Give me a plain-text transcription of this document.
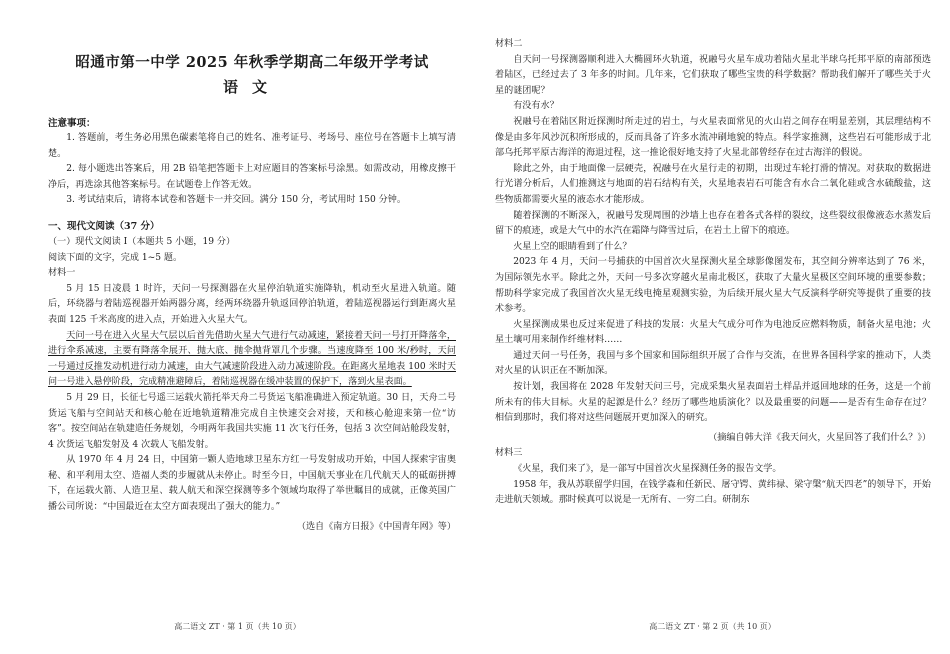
昭通市第一中学 2025 年秋季学期高二年级开学考试
语文
注意事项：

1. 答题前，考生务必用黑色碳素笔将自己的姓名、准考证号、考场号、座位号在答题卡上填写清楚。

2. 每小题选出答案后，用 2B 铅笔把答题卡上对应题目的答案标号涂黑。如需改动，用橡皮擦干净后，再选涂其他答案标号。在试题卷上作答无效。

3. 考试结束后，请将本试卷和答题卡一并交回。满分 150 分，考试用时 150 分钟。

一、现代文阅读（37 分）
（一）现代文阅读 I（本题共 5 小题，19 分）
阅读下面的文字，完成 1~5 题。
材料一

5 月 15 日凌晨 1 时许，天问一号探测器在火星停泊轨道实施降轨，机动至火星进入轨道。随后，环绕器与着陆巡视器开始两器分离，经两环绕器升轨返回停泊轨道，着陆巡视器运行到距离火星表面 125 千米高度的进入点，开始进入火星大气。

天问一号在进入火星大气层以后首先借助火星大气进行气动减速，紧接着天问一号打开降落伞，进行伞系减速，主要有降落伞展开、抛大底、抛伞抛背罩几个步骤。当速度降至 100 米/秒时，天问一号通过反推发动机进行动力减速，由大气减速阶段进入动力减速阶段。在距离火星地表 100 米时天问一号进入悬停阶段，完成精准避障后，着陆巡视器在缓冲装置的保护下，落到火星表面。

5 月 29 日，长征七号遥三运载火箭托举天舟二号货运飞船准确进入预定轨道。30 日，天舟二号货运飞船与空间站天和核心舱在近地轨道精准完成自主快速交会对接，天和核心舱迎来第一位“访客”。按空间站在轨建造任务规划，今明两年我国共实施 11 次飞行任务，包括 3 次空间站舱段发射，4 次货运飞船发射及 4 次载人飞船发射。

从 1970 年 4 月 24 日，中国第一颗人造地球卫星东方红一号发射成功开始，中国人探索宇宙奥秘、和平利用太空、造福人类的步履就从未停止。时至今日，中国航天事业在几代航天人的砥砺拼搏下，在运载火箭、人造卫星、载人航天和深空探测等多个领域均取得了举世瞩目的成就，正像英国广播公司所说：“中国最近在太空方面表现出了强大的能力。”

（选自《南方日报》《中国青年网》等）
高二语文 ZT · 第 1 页（共 10 页）
材料二

自天问一号探测器顺利进入大椭圆环火轨道，祝融号火星车成功着陆火星北半球乌托邦平原的南部预选着陆区，已经过去了 3 年多的时间。几年来，它们获取了哪些宝贵的科学数据？帮助我们解开了哪些关于火星的谜团呢？

有没有水？

祝融号在着陆区附近探测时所走过的岩土，与火星表面常见的火山岩之间存在明显差别，其层理结构不像是由多年风沙沉积所形成的，反而具备了许多水流冲刷地貌的特点。科学家推测，这些岩石可能形成于北部乌托邦平原古海洋的海退过程，这一推论很好地支持了火星北部曾经存在过古海洋的假说。

除此之外，由于地面像一层硬壳，祝融号在火星行走的初期，出现过车轮打滑的情况。对获取的数据进行光谱分析后，人们推测这与地面的岩石结构有关，火星地表岩石可能含有水合二氧化硅或含水硫酸盐，这些物质都需要火星的液态水才能形成。

随着探测的不断深入，祝融号发现周围的沙墙上也存在着各式各样的裂纹，这些裂纹很像液态水蒸发后留下的痕迹，或是大气中的水汽在霜降与降雪过后，在岩土上留下的痕迹。

火星上空的眼睛看到了什么？

2023 年 4 月，天问一号捕获的中国首次火星探测火星全球影像图发布，其空间分辨率达到了 76 米，为国际领先水平。除此之外，天问一号多次穿越火星南北极区，获取了大量火星极区空间环境的重要参数；帮助科学家完成了我国首次火星无线电掩星观测实验，为后续开展火星大气反演科学研究等提供了重要的技术参考。

火星探测成果也反过来促进了科技的发展：火星大气成分可作为电池反应燃料物质，制备火星电池；火星土壤可用来制作纤维材料……

通过天问一号任务，我国与多个国家和国际组织开展了合作与交流，在世界各国科学家的推动下，人类对火星的认识正在不断加深。

按计划，我国将在 2028 年发射天问三号，完成采集火星表面岩土样品并返回地球的任务，这是一个前所未有的伟大目标。火星的起源是什么？经历了哪些地质演化？以及最重要的问题——是否有生命存在过？相信到那时，我们将对这些问题展开更加深入的研究。

（摘编自韩大洋《我天问火，火星回答了我们什么？》）
材料三

《火星，我们来了》，是一部写中国首次火星探测任务的报告文学。

1958 年，我从苏联留学归国，在钱学森和任新民、屠守锷、黄纬禄、梁守槃“航天四老”的领导下，开始走进航天领域。那时候真可以说是一无所有、一穷二白。研制东

高二语文 ZT · 第 2 页（共 10 页）
